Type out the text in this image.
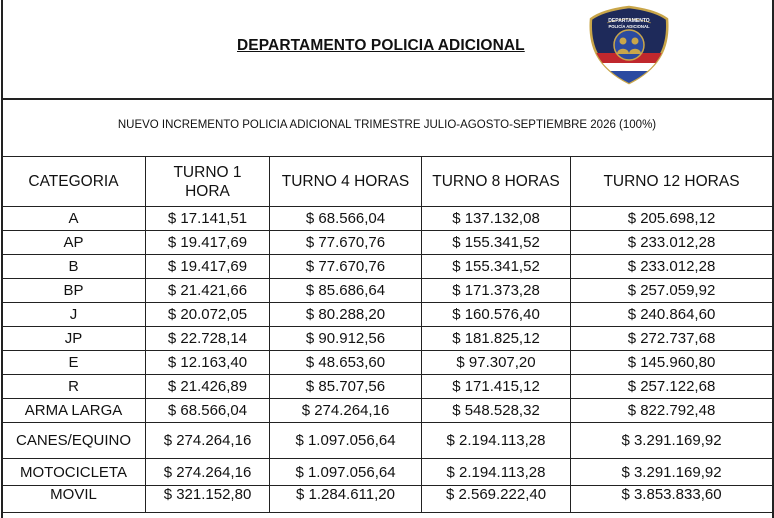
DEPARTAMENTO POLICIA ADICIONAL
DEPARTAMENTO
POLICÍA ADICIONAL
NUEVO INCREMENTO POLICIA ADICIONAL TRIMESTRE JULIO-AGOSTO-SEPTIEMBRE 2026 (100%)
CATEGORIA	TURNO 1 HORA	TURNO 4 HORAS	TURNO 8 HORAS	TURNO 12 HORAS
A	$ 17.141,51	$ 68.566,04	$ 137.132,08	$ 205.698,12
AP	$ 19.417,69	$ 77.670,76	$ 155.341,52	$ 233.012,28
B	$ 19.417,69	$ 77.670,76	$ 155.341,52	$ 233.012,28
BP	$ 21.421,66	$ 85.686,64	$ 171.373,28	$ 257.059,92
J	$ 20.072,05	$ 80.288,20	$ 160.576,40	$ 240.864,60
JP	$ 22.728,14	$ 90.912,56	$ 181.825,12	$ 272.737,68
E	$ 12.163,40	$ 48.653,60	$ 97.307,20	$ 145.960,80
R	$ 21.426,89	$ 85.707,56	$ 171.415,12	$ 257.122,68
ARMA LARGA	$ 68.566,04	$ 274.264,16	$ 548.528,32	$ 822.792,48
CANES/EQUINO	$ 274.264,16	$ 1.097.056,64	$ 2.194.113,28	$ 3.291.169,92
MOTOCICLETA	$ 274.264,16	$ 1.097.056,64	$ 2.194.113,28	$ 3.291.169,92
MOVIL	$ 321.152,80	$ 1.284.611,20	$ 2.569.222,40	$ 3.853.833,60
